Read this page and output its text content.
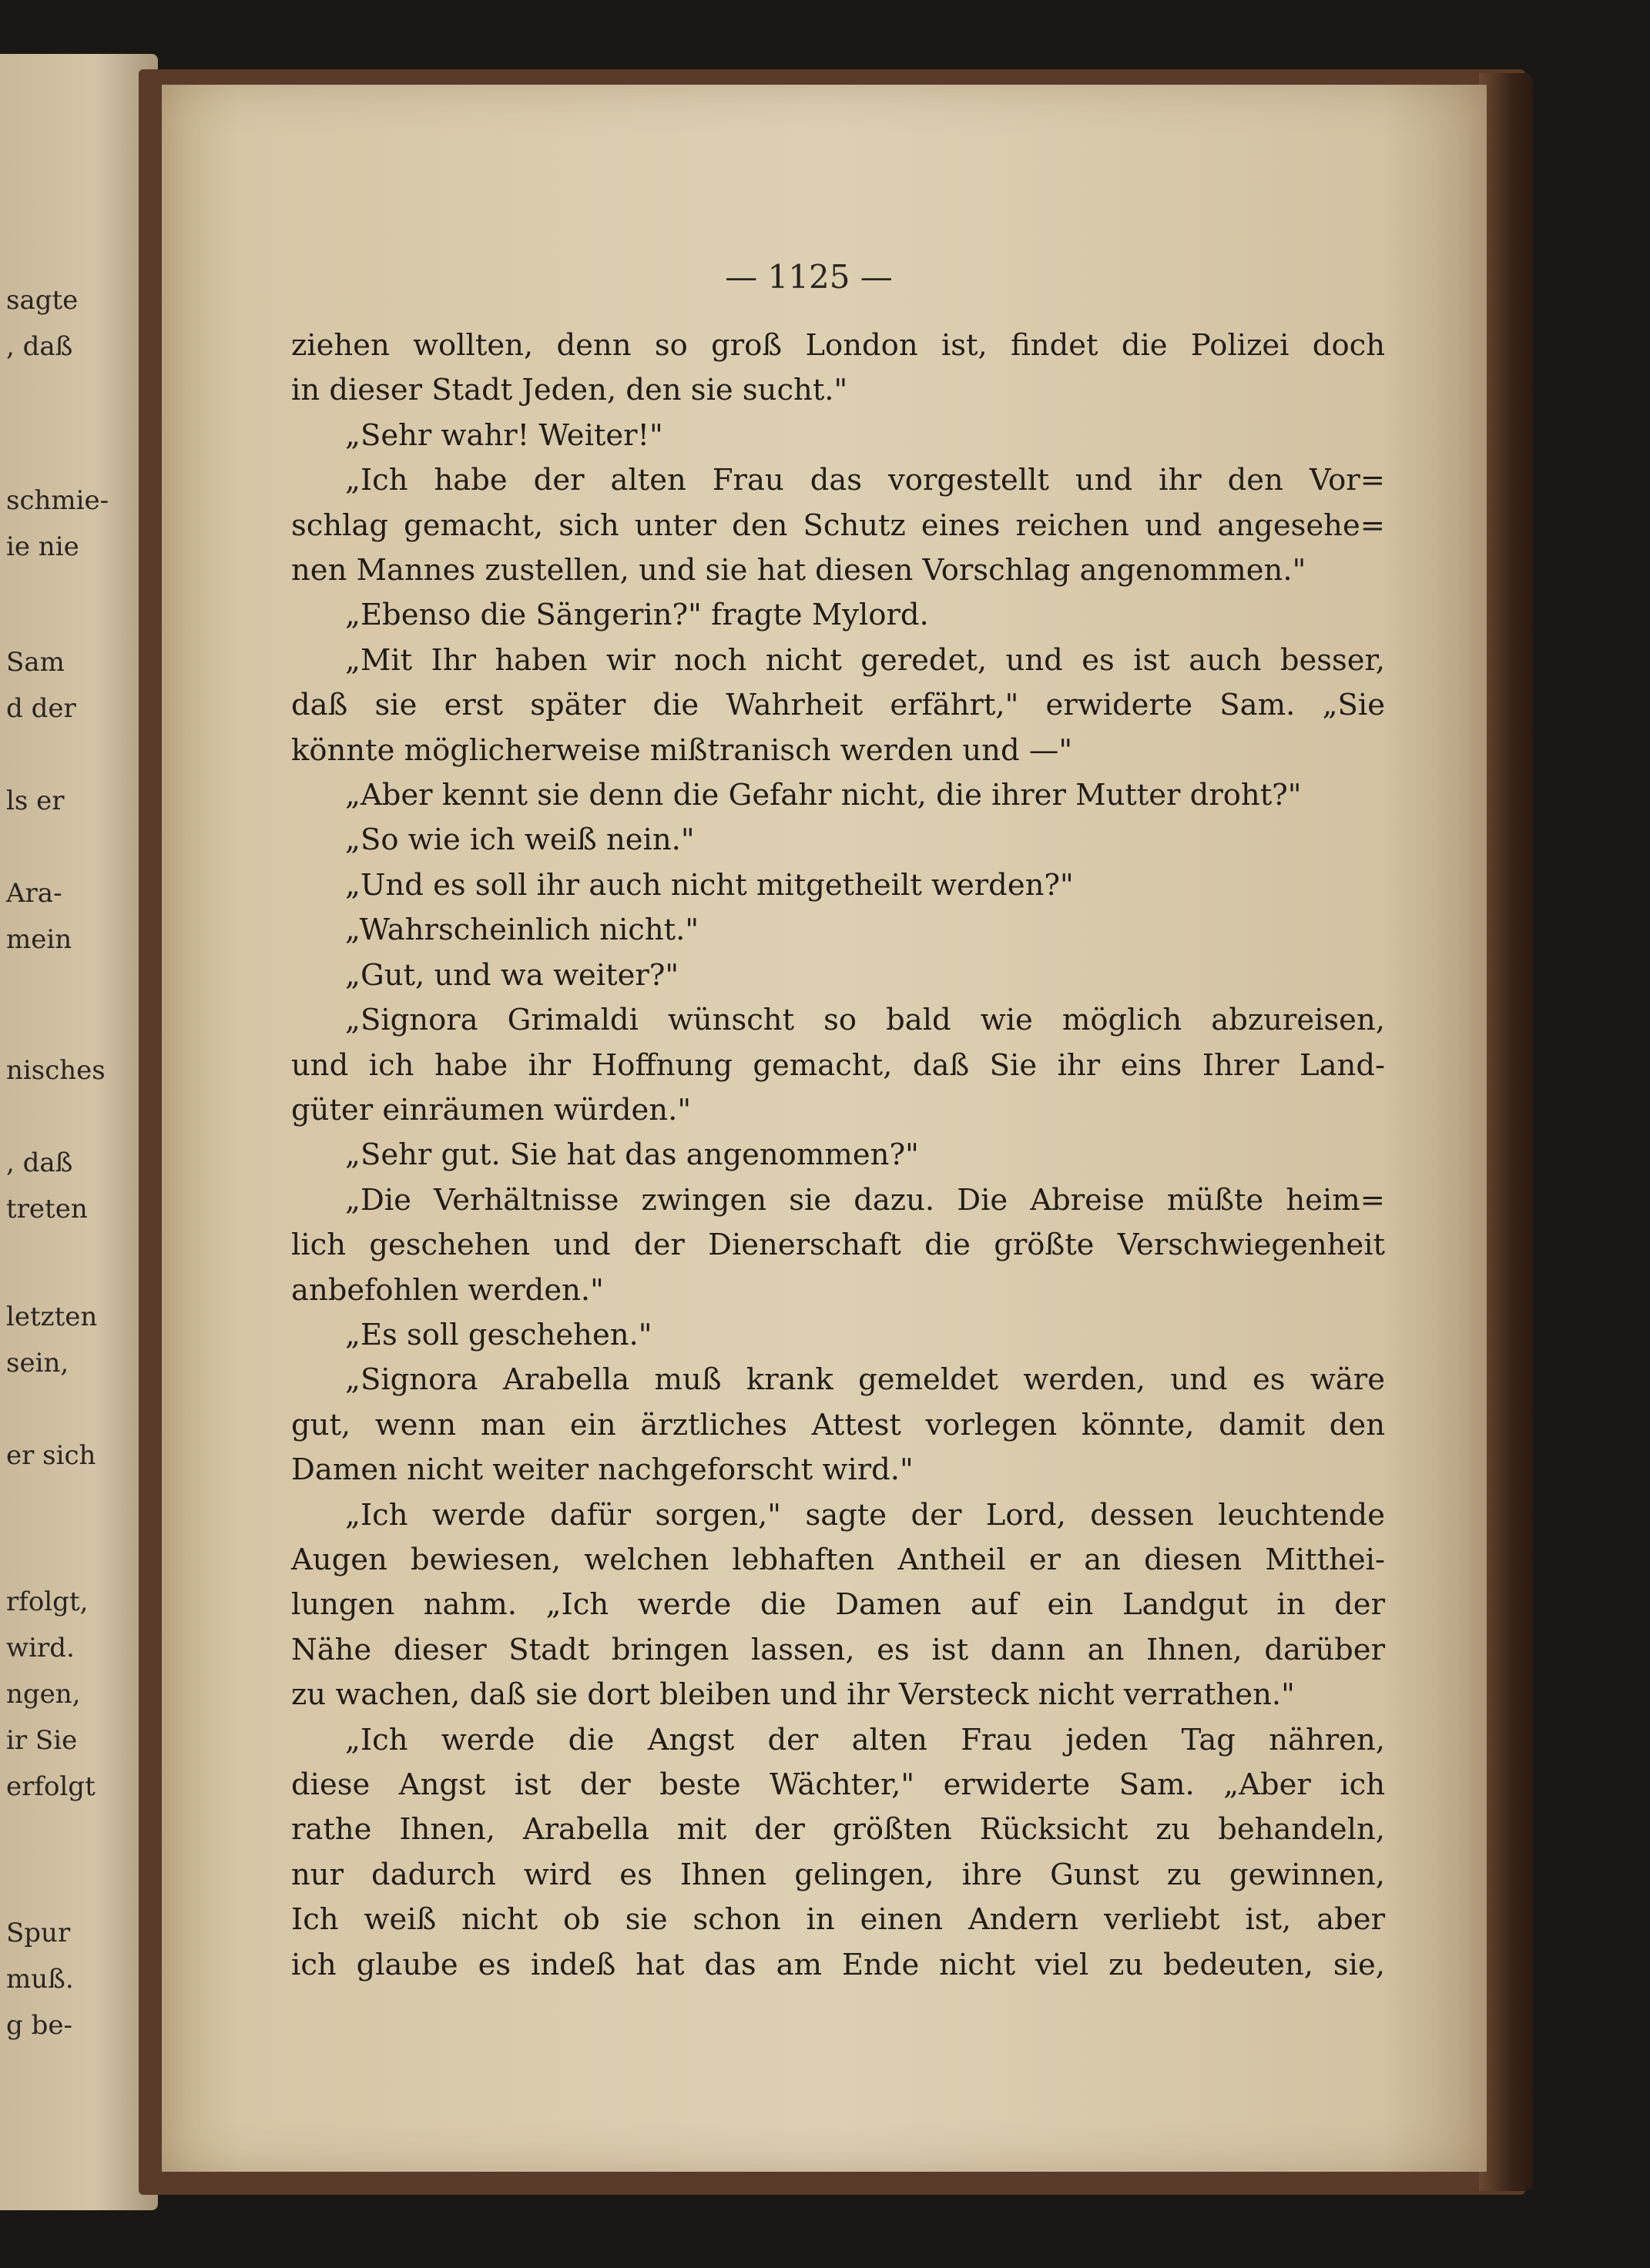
sagte
, daß
schmie-
ie nie
Sam
d der
ls er
Ara-
mein
nisches
, daß
treten
letzten
sein,
er sich
rfolgt,
wird.
ngen,
ir Sie
erfolgt
Spur
muß.
g be-
— 1125 —
ziehen wollten, denn so groß London ist, findet die Polizei doch
in dieser Stadt Jeden, den sie sucht."
„Sehr wahr! Weiter!"
„Ich habe der alten Frau das vorgestellt und ihr den Vor=
schlag gemacht, sich unter den Schutz eines reichen und angesehe=
nen Mannes zustellen, und sie hat diesen Vorschlag angenommen."
„Ebenso die Sängerin?" fragte Mylord.
„Mit Ihr haben wir noch nicht geredet, und es ist auch besser,
daß sie erst später die Wahrheit erfährt," erwiderte Sam. „Sie
könnte möglicherweise mißtranisch werden und —"
„Aber kennt sie denn die Gefahr nicht, die ihrer Mutter droht?"
„So wie ich weiß nein."
„Und es soll ihr auch nicht mitgetheilt werden?"
„Wahrscheinlich nicht."
„Gut, und wa weiter?"
„Signora Grimaldi wünscht so bald wie möglich abzureisen,
und ich habe ihr Hoffnung gemacht, daß Sie ihr eins Ihrer Land-
güter einräumen würden."
„Sehr gut. Sie hat das angenommen?"
„Die Verhältnisse zwingen sie dazu. Die Abreise müßte heim=
lich geschehen und der Dienerschaft die größte Verschwiegenheit
anbefohlen werden."
„Es soll geschehen."
„Signora Arabella muß krank gemeldet werden, und es wäre
gut, wenn man ein ärztliches Attest vorlegen könnte, damit den
Damen nicht weiter nachgeforscht wird."
„Ich werde dafür sorgen," sagte der Lord, dessen leuchtende
Augen bewiesen, welchen lebhaften Antheil er an diesen Mitthei-
lungen nahm. „Ich werde die Damen auf ein Landgut in der
Nähe dieser Stadt bringen lassen, es ist dann an Ihnen, darüber
zu wachen, daß sie dort bleiben und ihr Versteck nicht verrathen."
„Ich werde die Angst der alten Frau jeden Tag nähren,
diese Angst ist der beste Wächter," erwiderte Sam. „Aber ich
rathe Ihnen, Arabella mit der größten Rücksicht zu behandeln,
nur dadurch wird es Ihnen gelingen, ihre Gunst zu gewinnen,
Ich weiß nicht ob sie schon in einen Andern verliebt ist, aber
ich glaube es indeß hat das am Ende nicht viel zu bedeuten, sie,
